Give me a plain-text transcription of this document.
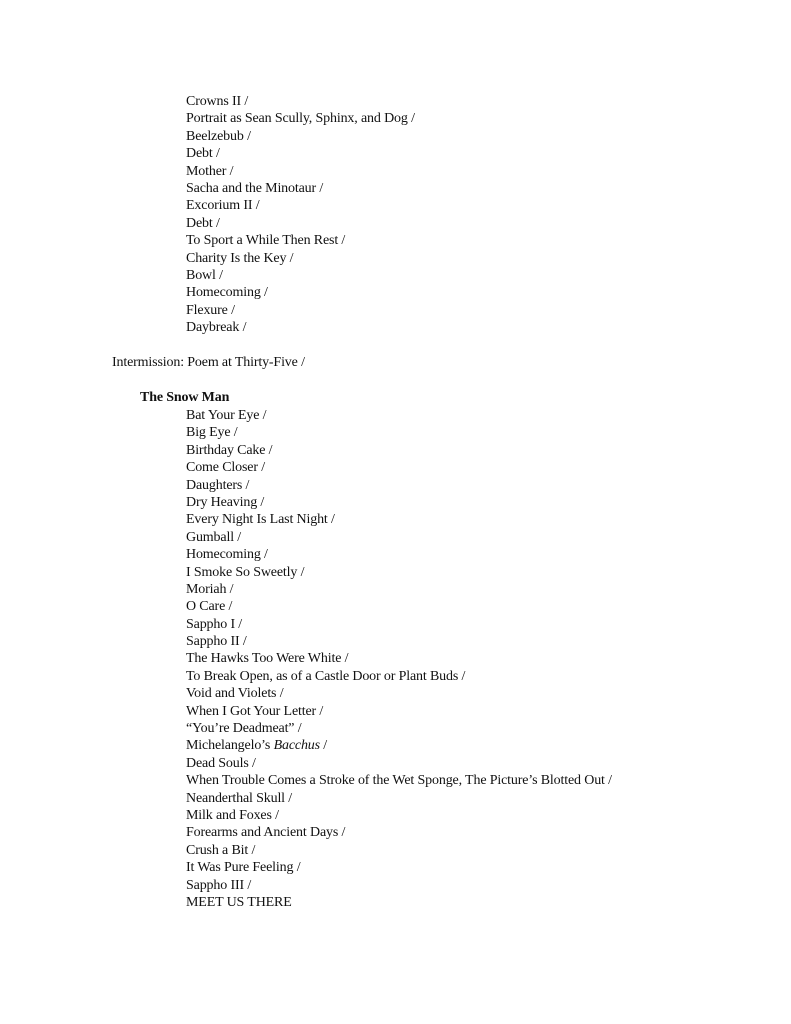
Crowns II /
Portrait as Sean Scully, Sphinx, and Dog /
Beelzebub /
Debt /
Mother /
Sacha and the Minotaur /
Excorium II /
Debt /
To Sport a While Then Rest /
Charity Is the Key /
Bowl /
Homecoming /
Flexure /
Daybreak /
Intermission: Poem at Thirty-Five /
The Snow Man
Bat Your Eye /
Big Eye /
Birthday Cake /
Come Closer /
Daughters /
Dry Heaving /
Every Night Is Last Night /
Gumball /
Homecoming /
I Smoke So Sweetly /
Moriah /
O Care /
Sappho I /
Sappho II /
The Hawks Too Were White /
To Break Open, as of a Castle Door or Plant Buds /
Void and Violets /
When I Got Your Letter /
“You’re Deadmeat” /
Michelangelo’s Bacchus /
Dead Souls /
When Trouble Comes a Stroke of the Wet Sponge, The Picture’s Blotted Out /
Neanderthal Skull /
Milk and Foxes /
Forearms and Ancient Days /
Crush a Bit /
It Was Pure Feeling /
Sappho III /
MEET US THERE
